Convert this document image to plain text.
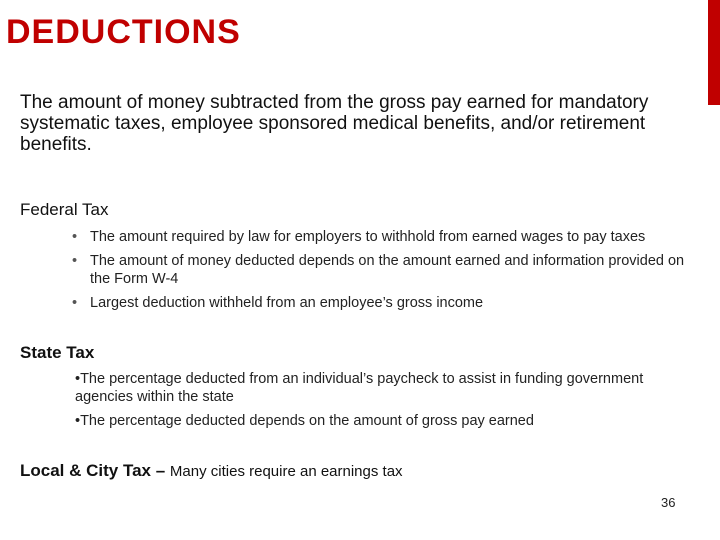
DEDUCTIONS
The amount of money subtracted from the gross pay earned for mandatory systematic taxes, employee sponsored medical benefits, and/or retirement benefits.
Federal Tax
• The amount required by law for employers to withhold from earned wages to pay taxes
• The amount of money deducted depends on the amount earned and information provided on the Form W-4
• Largest deduction withheld from an employee’s gross income
State Tax

•The percentage deducted from an individual’s paycheck to assist in funding government agencies within the state

•The percentage deducted depends on the amount of gross pay earned

Local & City Tax – Many cities require an earnings tax
36
